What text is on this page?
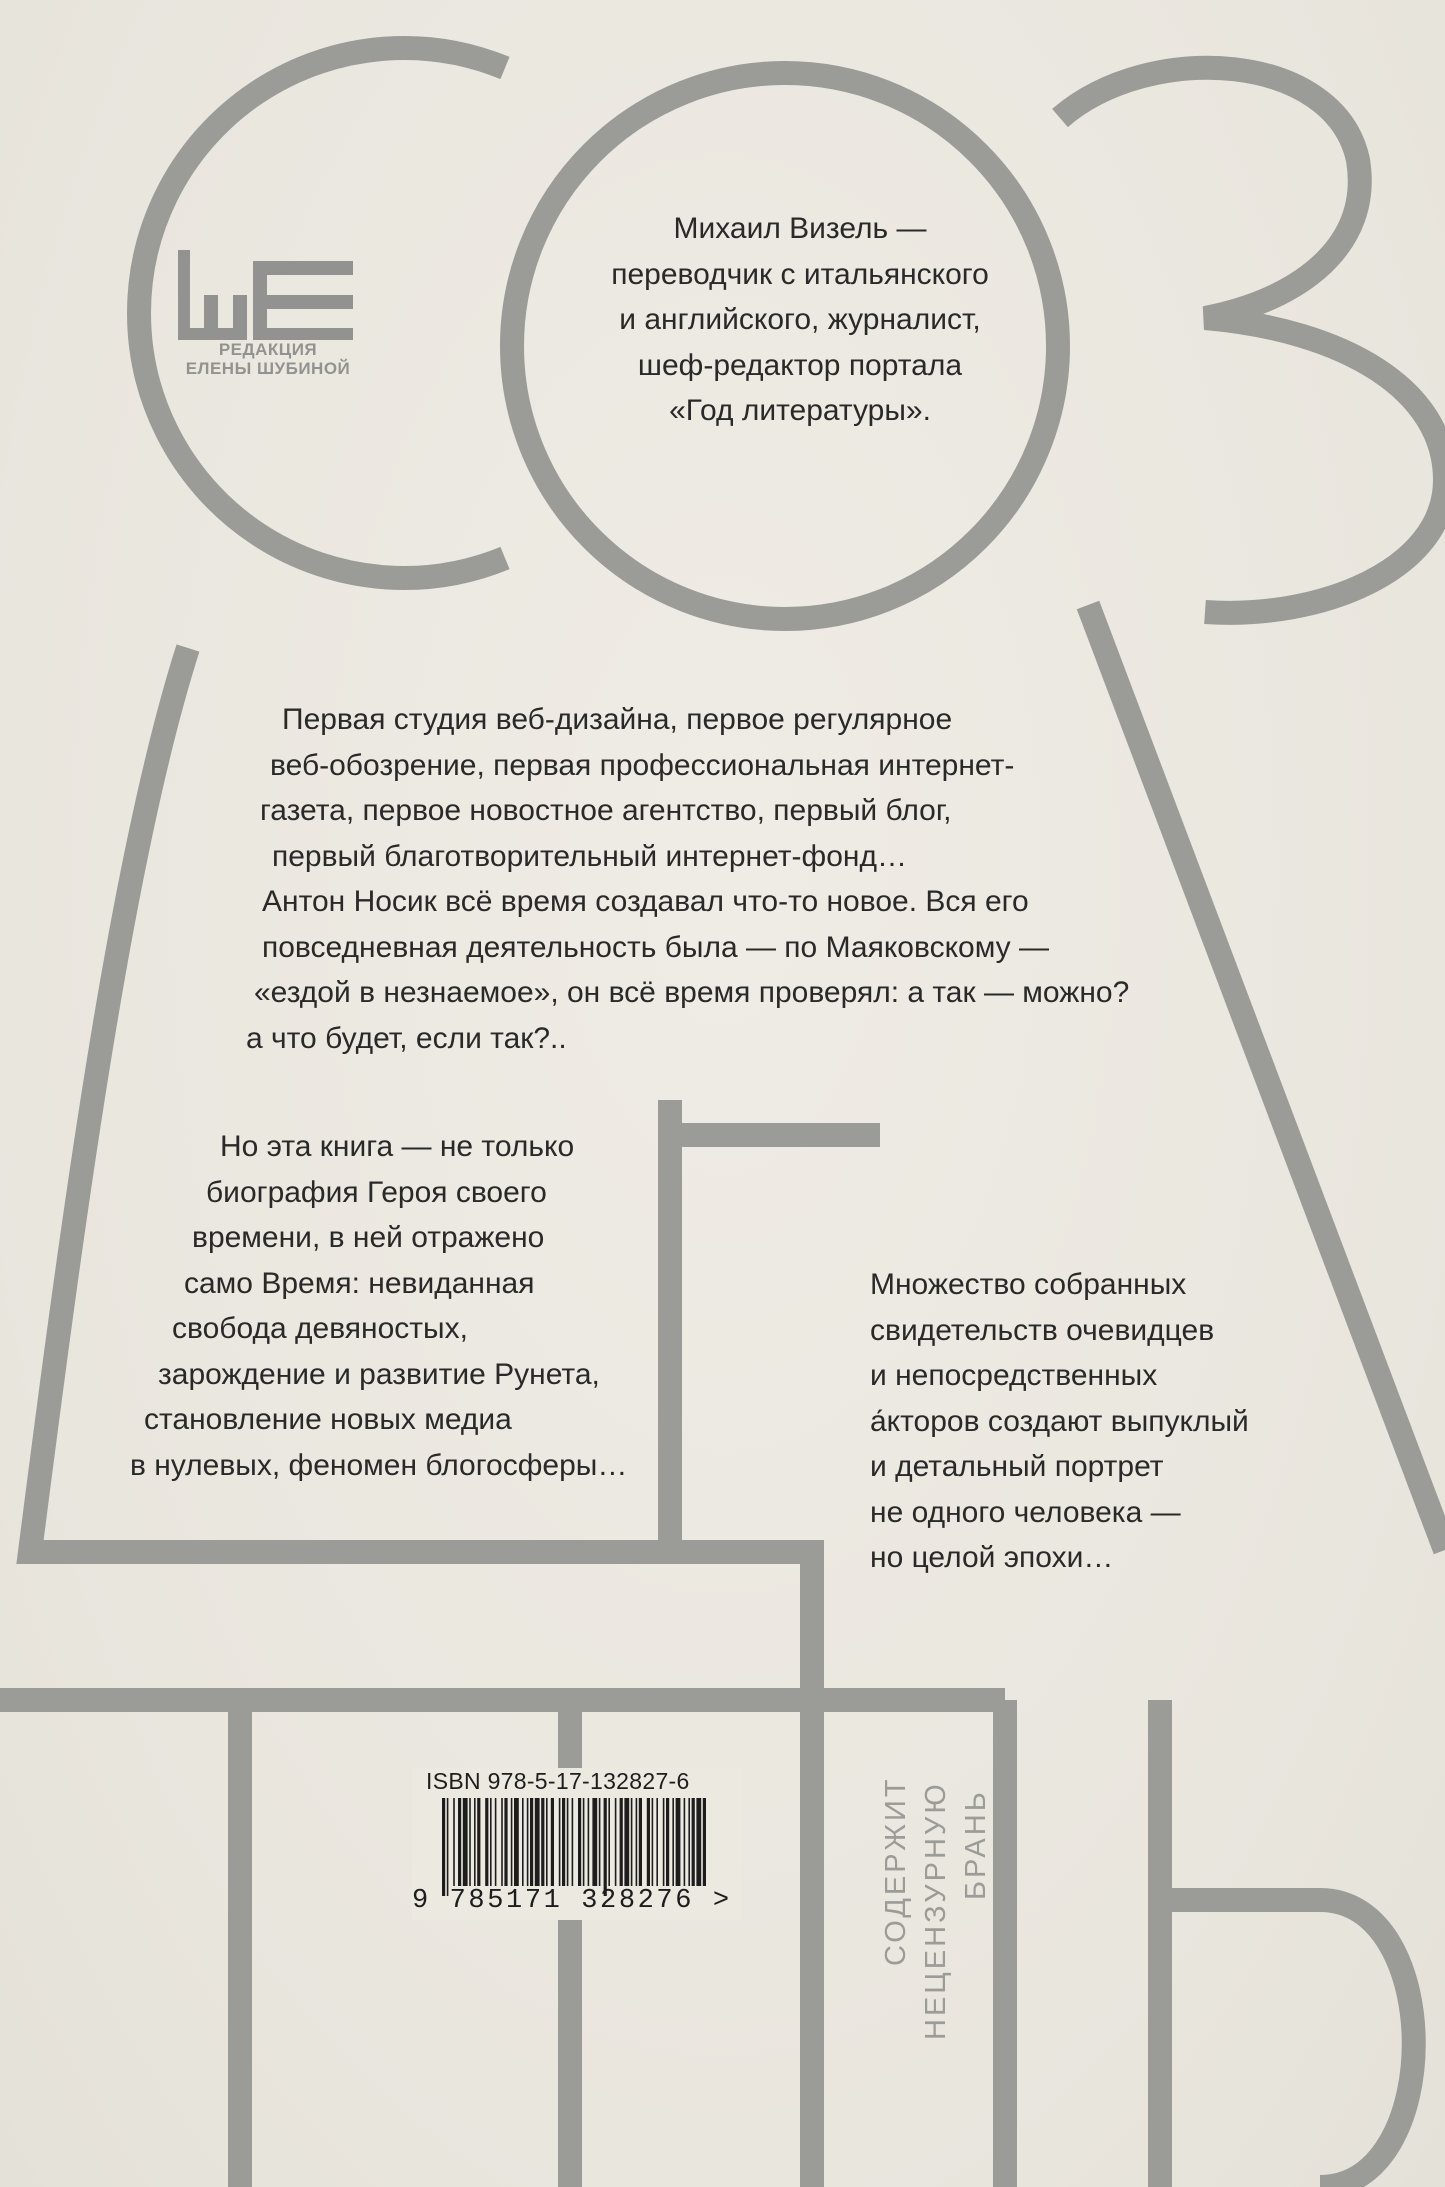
РЕДАКЦИЯ
ЕЛЕНЫ ШУБИНОЙ
Михаил Визель —
переводчик с итальянского
и английского, журналист,
шеф-редактор портала
«Год литературы».
Первая студия веб-дизайна, первое регулярное
веб-обозрение, первая профессиональная интернет-
газета, первое новостное агентство, первый блог,
первый благотворительный интернет-фонд…
Антон Носик всё время создавал что-то новое. Вся его
повседневная деятельность была — по Маяковскому —
«ездой в незнаемое», он всё время проверял: а так — можно?
а что будет, если так?..
Но эта книга — не только
биография Героя своего
времени, в ней отражено
само Время: невиданная
свобода девяностых,
зарождение и развитие Рунета,
становление новых медиа
в нулевых, феномен блогосферы…
Множество собранных
свидетельств очевидцев
и непосредственных
а́кторов создают выпуклый
и детальный портрет
не одного человека —
но целой эпохи…
ISBN 978-5-17-132827-6
9 785171 328276 >	СОДЕРЖИТ НЕЦЕНЗУРНУЮ БРАНЬ
